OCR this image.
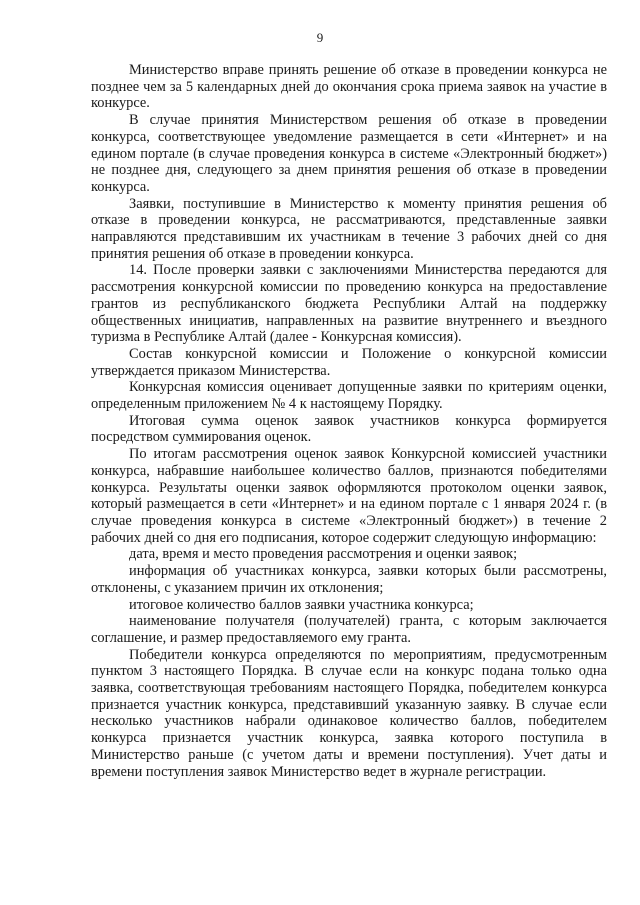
9

Министерство вправе принять решение об отказе в проведении конкурса не позднее чем за 5 календарных дней до окончания срока приема заявок на участие в конкурсе.

В случае принятия Министерством решения об отказе в проведении конкурса, соответствующее уведомление размещается в сети «Интернет» и на едином портале (в случае проведения конкурса в системе «Электронный бюджет») не позднее дня, следующего за днем принятия решения об отказе в проведении конкурса.

Заявки, поступившие в Министерство к моменту принятия решения об отказе в проведении конкурса, не рассматриваются, представленные заявки направляются представившим их участникам в течение 3 рабочих дней со дня принятия решения об отказе в проведении конкурса.

14. После проверки заявки с заключениями Министерства передаются для рассмотрения конкурсной комиссии по проведению конкурса на предоставление грантов из республиканского бюджета Республики Алтай на поддержку общественных инициатив, направленных на развитие внутреннего и въездного туризма в Республике Алтай (далее - Конкурсная комиссия).

Состав конкурсной комиссии и Положение о конкурсной комиссии утверждается приказом Министерства.

Конкурсная комиссия оценивает допущенные заявки по критериям оценки, определенным приложением № 4 к настоящему Порядку.

Итоговая сумма оценок заявок участников конкурса формируется посредством суммирования оценок.

По итогам рассмотрения оценок заявок Конкурсной комиссией участники конкурса, набравшие наибольшее количество баллов, признаются победителями конкурса. Результаты оценки заявок оформляются протоколом оценки заявок, который размещается в сети «Интернет» и на едином портале с 1 января 2024 г. (в случае проведения конкурса в системе «Электронный бюджет») в течение 2 рабочих дней со дня его подписания, которое содержит следующую информацию:

дата, время и место проведения рассмотрения и оценки заявок;

информация об участниках конкурса, заявки которых были рассмотрены, отклонены, с указанием причин их отклонения;

итоговое количество баллов заявки участника конкурса;

наименование получателя (получателей) гранта, с которым заключается соглашение, и размер предоставляемого ему гранта.

Победители конкурса определяются по мероприятиям, предусмотренным пунктом 3 настоящего Порядка. В случае если на конкурс подана только одна заявка, соответствующая требованиям настоящего Порядка, победителем конкурса признается участник конкурса, представивший указанную заявку. В случае если несколько участников набрали одинаковое количество баллов, победителем конкурса признается участник конкурса, заявка которого поступила в Министерство раньше (с учетом даты и времени поступления). Учет даты и времени поступления заявок Министерство ведет в журнале регистрации.
